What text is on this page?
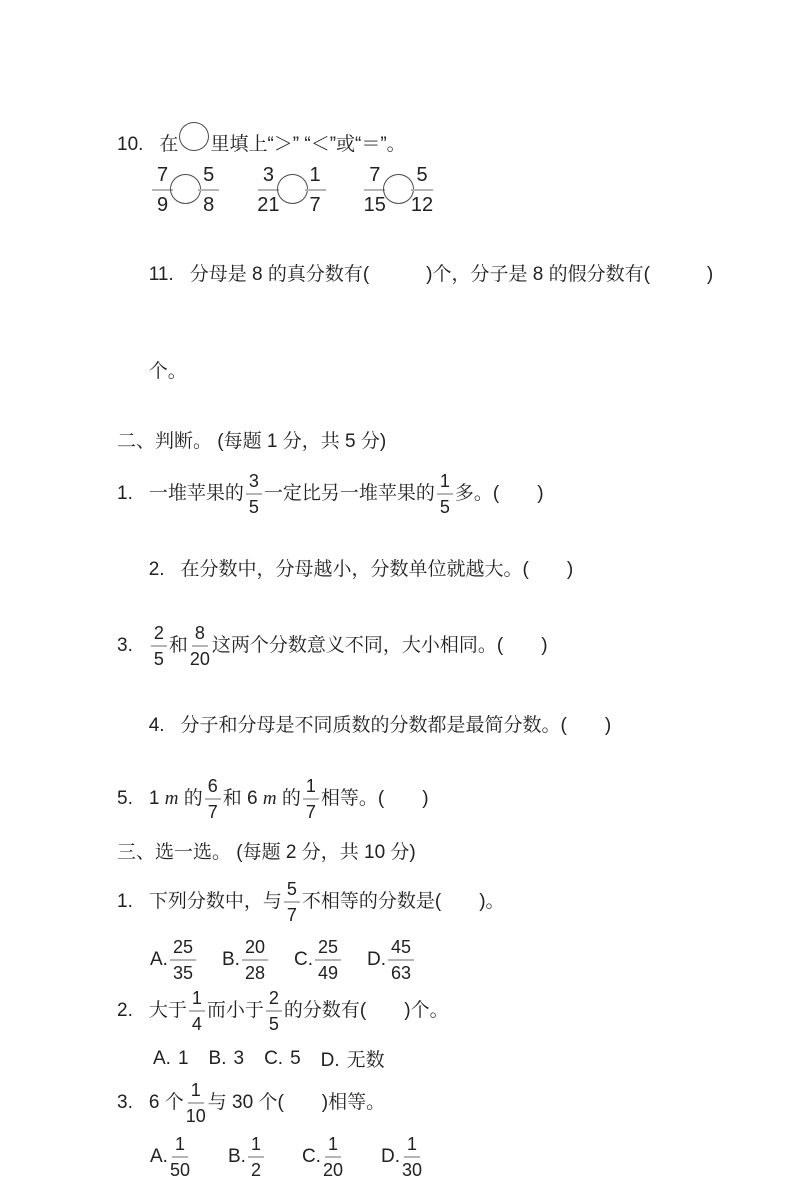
10. 在 里填上“＞” “＜”或“＝”。
$\frac{7}{9} \frac{5}{8} \frac{3}{21} \frac{1}{7} \frac{7}{15} \frac{5}{12}$

11. 分母是 8 的真分数有(　　　)个，分子是 8 的假分数有(　　　)

个。

二、判断。 (每题 1 分，共 5 分)
1. 一堆苹果的 $\frac{3}{5}$ 一定比另一堆苹果的 $\frac{1}{5}$ 多。(　　)

2. 在分数中，分母越小，分数单位就越大。(　　)

3. $\frac{2}{5}$ 和 $\frac{8}{20}$ 这两个分数意义不同，大小相同。(　　)

4. 分子和分母是不同质数的分数都是最简分数。(　　)

5. 1 m 的 $\frac{6}{7}$ 和 6 m 的 $\frac{1}{7}$ 相等。(　　)
三、选一选。 (每题 2 分，共 10 分)
1. 下列分数中，与 $\frac{5}{7}$ 不相等的分数是(　　)。
A. $\frac{25}{35} B$. $\frac{20}{28} C$. $\frac{25}{49} D$. $\frac{45}{63}$
2. 大于 $\frac{1}{4}$ 而小于 $\frac{2}{5}$ 的分数有(　　)个。
A. 1 B. 3 C. 5 D. 无数
3. 6 个 $\frac{1}{10}$ 与 30 个(　　)相等。
A. $\frac{1}{50} B$. $\frac{1}{2} C$. $\frac{1}{20} D$. $\frac{1}{30}$
